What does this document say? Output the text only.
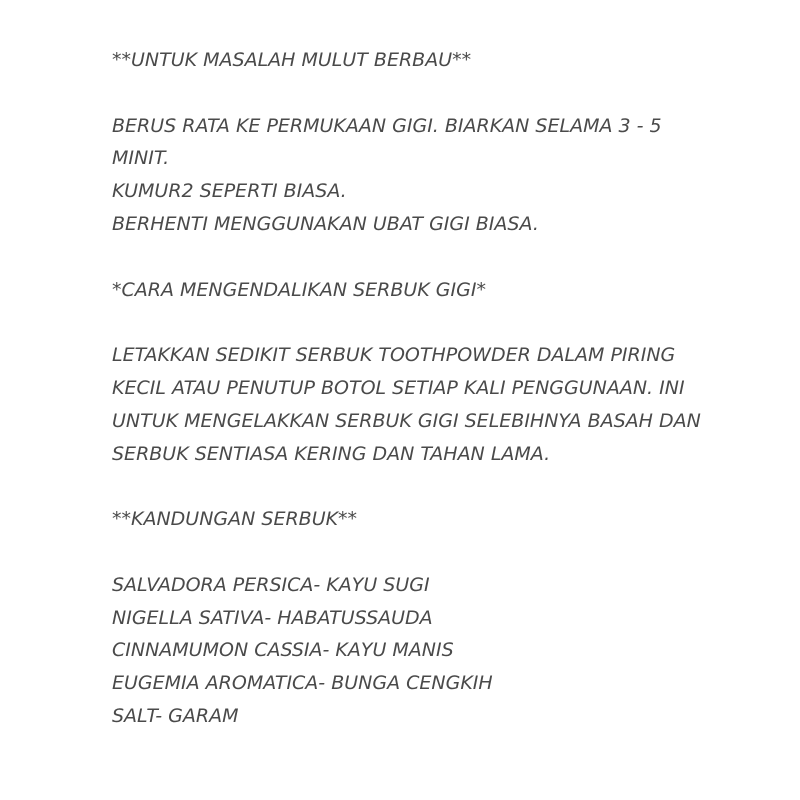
**UNTUK MASALAH MULUT BERBAU**
BERUS RATA KE PERMUKAAN GIGI. BIARKAN SELAMA 3 - 5
MINIT.
KUMUR2 SEPERTI BIASA.
BERHENTI MENGGUNAKAN UBAT GIGI BIASA.
*CARA MENGENDALIKAN SERBUK GIGI*
LETAKKAN SEDIKIT SERBUK TOOTHPOWDER DALAM PIRING
KECIL ATAU PENUTUP BOTOL SETIAP KALI PENGGUNAAN. INI
UNTUK MENGELAKKAN SERBUK GIGI SELEBIHNYA BASAH DAN
SERBUK SENTIASA KERING DAN TAHAN LAMA.
**KANDUNGAN SERBUK**
SALVADORA PERSICA- KAYU SUGI
NIGELLA SATIVA- HABATUSSAUDA
CINNAMUMON CASSIA- KAYU MANIS
EUGEMIA AROMATICA- BUNGA CENGKIH
SALT- GARAM
